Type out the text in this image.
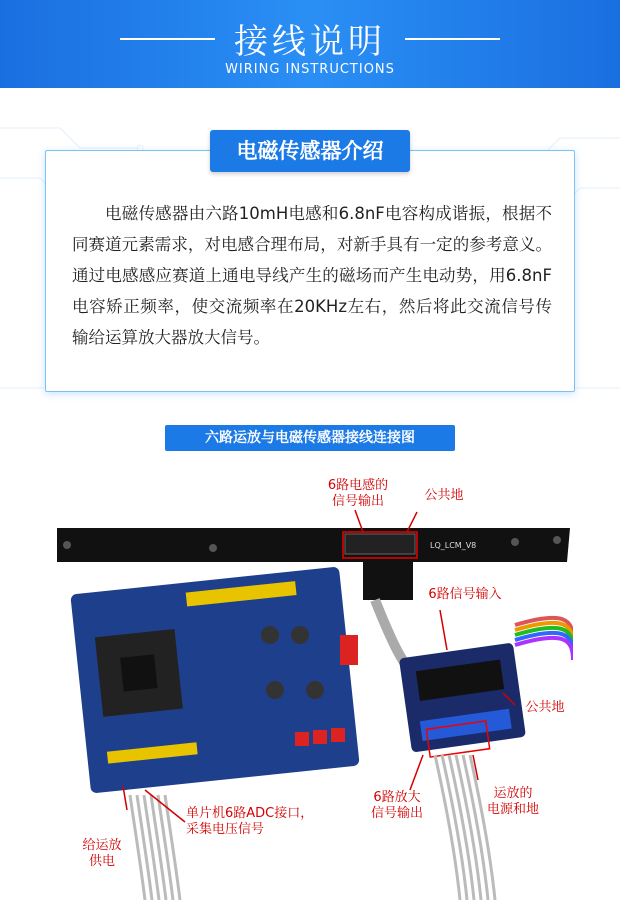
接线说明
WIRING INSTRUCTIONS
电磁传感器介绍
电磁传感器由六路10mH电感和6.8nF电容构成谐振，根据不同赛道元素需求，对电感合理布局，对新手具有一定的参考意义。通过电感感应赛道上通电导线产生的磁场而产生电动势，用6.8nF电容矫正频率，使交流频率在20KHz左右，然后将此交流信号传输给运算放大器放大信号。
六路运放与电磁传感器接线连接图
LQ_LCM_V8
6路电感的
信号输出	公共地
6路信号输入
公共地
单片机6路ADC接口，
采集电压信号
给运放
供电
6路放大
信号输出
运放的
电源和地
